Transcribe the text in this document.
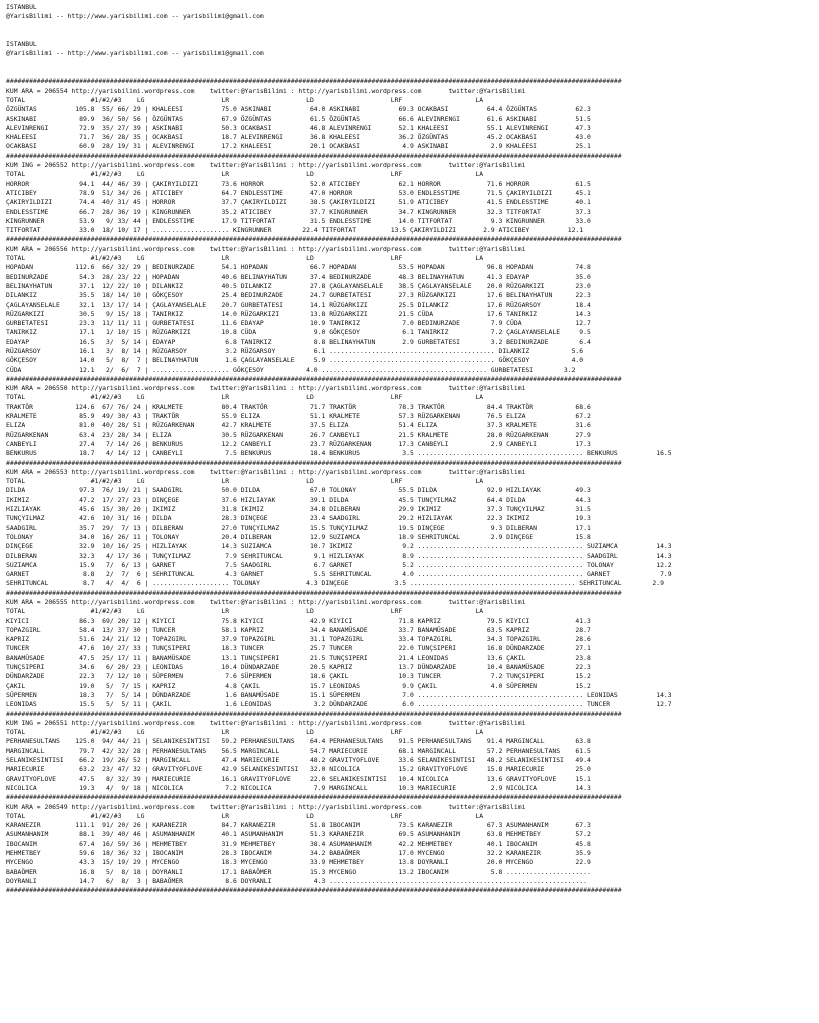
ISTANBUL
@YarisBilimi -- http://www.yarisbilimi.com -- yarisbilimi@gmail.com
ISTANBUL
@YarisBilimi -- http://www.yarisbilimi.com -- yarisbilimi@gmail.com
################################################################################################################################################################
KUM ARA = 206554 http://yarisbilimi.wordpress.com    twitter:@YarisBilimi : http://yarisbilimi.wordpress.com       twitter:@YarisBilimi
TOTAL                 #1/#2/#3    LG                    LR                    LD                    LRF                   LA
ÖZGÜNTAS          105.8  55/ 66/ 29 | KHALEESI          75.0 ASKINABI          64.0 ASKINABI          69.3 OCAKBASI          64.4 ÖZGÜNTAS          62.3
ASKINABI           89.9  36/ 50/ 56 | ÖZGÜNTAS          67.9 ÖZGÜNTAS          61.5 ÖZGÜNTAS          66.6 ALEVINRENGI       61.6 ASKINABI          51.5
ALEVINRENGI        72.9  35/ 27/ 39 | ASKINABI          50.3 OCAKBASI          46.8 ALEVINRENGI       52.1 KHALEESI          55.1 ALEVINRENGI       47.3
KHALEESI           71.7  36/ 28/ 35 | OCAKBASI          18.7 ALEVINRENGI       36.8 KHALEESI          36.2 ÖZGÜNTAS          45.2 OCAKBASI          43.0
OCAKBASI           60.9  28/ 19/ 31 | ALEVINRENGI       17.2 KHALEESI          20.1 OCAKBASI           4.9 ASKINABI           2.9 KHALEESI          25.1
################################################################################################################################################################
KUM ING = 206552 http://yarisbilimi.wordpress.com    twitter:@YarisBilimi : http://yarisbilimi.wordpress.com       twitter:@YarisBilimi
TOTAL                 #1/#2/#3    LG                    LR                    LD                    LRF                   LA
HORROR             94.1  44/ 46/ 39 | ÇAKIRYILDIZI      73.6 HORROR            52.0 ATICIBEY          62.1 HORROR            71.6 HORROR            61.5
ATICIBEY           78.9  51/ 34/ 26 | ATICIBEY          64.7 ENDLESSTIME       47.0 HORROR            53.0 ENDLESSTIME       71.5 ÇAKIRYILDIZI      45.1
ÇAKIRYILDIZI       74.4  40/ 31/ 45 | HORROR            37.7 ÇAKIRYILDIZI      38.5 ÇAKIRYILDIZI      51.9 ATICIBEY          41.5 ENDLESSTIME       40.1
ENDLESSTIME        66.7  28/ 36/ 19 | KINGRUNNER        35.2 ATICIBEY          37.7 KINGRUNNER        34.7 KINGRUNNER        32.3 TITFORTAT         37.3
KINGRUNNER         53.9   9/ 33/ 44 | ENDLESSTIME       17.9 TITFORTAT         31.5 ENDLESSTIME       14.0 TITFORTAT          9.3 KINGRUNNER        33.0
TITFORTAT          33.0  18/ 10/ 17 | .................... KINGRUNNER        22.4 TITFORTAT         13.5 ÇAKIRYILDIZI       2.9 ATICIBEY          12.1
################################################################################################################################################################
KUM ARA = 206556 http://yarisbilimi.wordpress.com    twitter:@YarisBilimi : http://yarisbilimi.wordpress.com       twitter:@YarisBilimi
TOTAL                 #1/#2/#3    LG                    LR                    LD                    LRF                   LA
HOPADAN           112.6  66/ 32/ 29 | BEDINURZADE       54.1 HOPADAN           66.7 HOPADAN           53.5 HOPADAN           96.8 HOPADAN           74.8
BEDINURZADE        54.3  28/ 23/ 22 | HOPADAN           40.6 BELINAYHATUN      37.4 BEDINURZADE       48.3 BELINAYHATUN      41.3 EDAYAP            35.0
BELINAYHATUN       37.1  12/ 22/ 10 | DILANKIZ          40.5 DILANKIZ          27.8 ÇAGLAYANSELALE    38.5 ÇAGLAYANSELALE    20.0 RÜZGARKIZI        23.0
DILANKIZ           35.5  18/ 14/ 10 | GÖKÇESOY          25.4 BEDINURZADE       24.7 GURBETATESI       27.3 RÜZGARKIZI        17.6 BELINAYHATUN      22.3
ÇAGLAYANSELALE     32.1  13/ 17/ 14 | ÇAGLAYANSELALE    20.7 GURBETATESI       14.1 RÜZGARKIZI        25.5 DILANKIZ          17.6 RÜZGARSOY         18.4
RÜZGARKIZI         30.5   9/ 15/ 18 | TANIRKIZ          14.0 RÜZGARKIZI        13.8 RÜZGARKIZI        21.5 CÜDA              17.6 TANIRKIZ          14.3
GURBETATESI        23.3  11/ 11/ 11 | GURBETATESI       11.6 EDAYAP            10.9 TANIRKIZ           7.0 BEDINURZADE        7.9 CÜDA              12.7
TANIRKIZ           17.1   1/ 10/ 15 | RÜZGARKIZI        10.8 CÜDA               9.0 GÖKÇESOY           6.1 TANIRKIZ           7.2 ÇAGLAYANSELALE     9.5
EDAYAP             16.5   3/  5/ 14 | EDAYAP             6.8 TANIRKIZ           8.8 BELINAYHATUN       2.9 GURBETATESI        3.2 BEDINURZADE        6.4
RÜZGARSOY          16.1   3/  8/ 14 | RÜZGARSOY          3.2 RÜZGARSOY          6.1 ........................................... DILANKIZ           5.6
GÖKÇESOY           14.0   5/  8/  7 | BELINAYHATUN       1.6 ÇAGLAYANSELALE     5.9 ........................................... GÖKÇESOY           4.0
CÜDA               12.1   2/  6/  7 | .................... GÖKÇESOY           4.0 ........................................... GURBETATESI        3.2
################################################################################################################################################################
KUM ARA = 206550 http://yarisbilimi.wordpress.com    twitter:@YarisBilimi : http://yarisbilimi.wordpress.com       twitter:@YarisBilimi
TOTAL                 #1/#2/#3    LG                    LR                    LD                    LRF                   LA
TRAKTÖR           124.6  67/ 76/ 24 | KRALMETE          80.4 TRAKTÖR           71.7 TRAKTÖR           78.3 TRAKTÖR           84.4 TRAKTÖR           68.6
KRALMETE           85.9  49/ 30/ 43 | TRAKTÖR           55.9 ELIZA             51.1 KRALMETE          57.3 RÜZGARKENAN       76.5 ELIZA             67.2
ELIZA              81.0  40/ 28/ 51 | RÜZGARKENAN       42.7 KRALMETE          37.5 ELIZA             51.4 ELIZA             37.3 KRALMETE          31.6
RÜZGARKENAN        63.4  23/ 28/ 34 | ELIZA             30.5 RÜZGARKENAN       26.7 CANBEYLI          21.5 KRALMETE          28.0 RÜZGARKENAN       27.9
CANBEYLI           27.4   7/ 14/ 26 | BENKURUS          12.2 CANBEYLI          23.7 RÜZGARKENAN       17.3 CANBEYLI           2.9 CANBEYLI          17.3
BENKURUS           18.7   4/ 14/ 12 | CANBEYLI           7.5 BENKURUS          18.4 BENKURUS           3.5 ........................................... BENKURUS          16.5
################################################################################################################################################################
KUM ARA = 206553 http://yarisbilimi.wordpress.com    twitter:@YarisBilimi : http://yarisbilimi.wordpress.com       twitter:@YarisBilimi
TOTAL                 #1/#2/#3    LG                    LR                    LD                    LRF                   LA
DILDA              97.3  76/ 19/ 21 | SAADGIRL          50.0 DILDA             67.0 TOLONAY           55.5 DILDA             92.9 HIZLIAYAK         49.3
IKIMIZ             47.2  17/ 27/ 23 | DINÇEGE           37.6 HIZLIAYAK         39.1 DILDA             45.5 TUNÇYILMAZ        64.4 DILDA             44.3
HIZLIAYAK          45.6  15/ 30/ 20 | IKIMIZ            31.8 IKIMIZ            34.8 DILBERAN          29.9 IKIMIZ            37.3 TUNÇYILMAZ        31.5
TUNÇYILMAZ         42.6  10/ 31/ 16 | DILDA             28.3 DINÇEGE           23.4 SAADGIRL          29.2 HIZLIAYAK         22.3 IKIMIZ            19.3
SAADGIRL           35.7  29/  7/ 13 | DILBERAN          27.0 TUNÇYILMAZ        15.5 TUNÇYILMAZ        19.5 DINÇEGE            9.3 DILBERAN          17.1
TOLONAY            34.0  16/ 26/ 11 | TOLONAY           20.4 DILBERAN          12.9 SUZIAMCA          18.9 SEHRITUNCAL        2.9 DINÇEGE           15.8
DINÇEGE            32.9  10/ 16/ 25 | HIZLIAYAK         14.3 SUZIAMCA          10.7 IKIMIZ             9.2 ........................................... SUZIAMCA          14.3
DILBERAN           32.3   4/ 17/ 36 | TUNÇYILMAZ         7.9 SEHRITUNCAL        9.1 HIZLIAYAK          8.9 ........................................... SAADGIRL          14.3
SUZIAMCA           15.9   7/  6/ 13 | GARNET             7.5 SAADGIRL           6.7 GARNET             5.2 ........................................... TOLONAY           12.2
GARNET              8.8   2/  7/  6 | SEHRITUNCAL        4.3 GARNET             5.5 SEHRITUNCAL        4.0 ........................................... GARNET             7.9
SEHRITUNCAL         8.7   4/  4/  6 | .................... TOLONAY            4.3 DINÇEGE            3.5 ........................................... SEHRITUNCAL        2.9
################################################################################################################################################################
KUM ARA = 206555 http://yarisbilimi.wordpress.com    twitter:@YarisBilimi : http://yarisbilimi.wordpress.com       twitter:@YarisBilimi
TOTAL                 #1/#2/#3    LG                    LR                    LD                    LRF                   LA
KIYICI             86.3  69/ 20/ 12 | KIYICI            75.8 KIYICI            42.9 KIYICI            71.8 KAPRIZ            79.5 KIYICI            41.3
TOPAZGIRL          58.4  13/ 37/ 30 | TUNCER            58.1 KAPRIZ            34.4 BANAMÜSADE        33.7 BANAMÜSADE        63.5 KAPRIZ            28.7
KAPRIZ             51.6  24/ 21/ 12 | TOPAZGIRL         37.9 TOPAZGIRL         31.1 TOPAZGIRL         33.4 TOPAZGIRL         34.3 TOPAZGIRL         28.6
TUNCER             47.6  10/ 27/ 33 | TUNÇSIPERI        18.3 TUNCER            25.7 TUNCER            22.0 TUNÇSIPERI        16.8 DÜNDARZADE        27.1
BANAMÜSADE         47.5  25/ 17/ 11 | BANAMÜSADE        13.1 TUNÇSIPERI        21.5 TUNÇSIPERI        21.4 LEONIDAS          13.6 ÇAKIL             23.8
TUNÇSIPERI         34.6   6/ 20/ 23 | LEONIDAS          10.4 DÜNDARZADE        20.5 KAPRIZ            13.7 DÜNDARZADE        10.4 BANAMÜSADE        22.3
DÜNDARZADE         22.3   7/ 12/ 10 | SÜPERMEN           7.6 SÜPERMEN          18.6 ÇAKIL             10.3 TUNCER             7.2 TUNÇSIPERI        15.2
ÇAKIL              19.0   5/  7/ 15 | KAPRIZ             4.8 ÇAKIL             15.7 LEONIDAS           9.9 ÇAKIL              4.0 SÜPERMEN          15.2
SÜPERMEN           18.3   7/  5/ 14 | DÜNDARZADE         1.6 BANAMÜSADE        15.1 SÜPERMEN           7.0 ........................................... LEONIDAS          14.3
LEONIDAS           15.5   5/  5/ 11 | ÇAKIL              1.6 LEONIDAS           3.2 DÜNDARZADE         6.0 ........................................... TUNCER            12.7
################################################################################################################################################################
KUM ING = 206551 http://yarisbilimi.wordpress.com    twitter:@YarisBilimi : http://yarisbilimi.wordpress.com       twitter:@YarisBilimi
TOTAL                 #1/#2/#3    LG                    LR                    LD                    LRF                   LA
PERHANESULTANS    125.0  94/ 44/ 21 | SELANIKESINTISI   59.2 PERHANESULTANS    64.4 PERHANESULTANS    91.5 PERHANESULTANS    91.4 MARGINCALL        63.8
MARGINCALL         79.7  42/ 32/ 28 | PERHANESULTANS    56.5 MARGINCALL        54.7 MARIECURIE        68.1 MARGINCALL        57.2 PERHANESULTANS    61.5
SELANIKESINTISI    66.2  19/ 26/ 52 | MARGINCALL        47.4 MARIECURIE        48.2 GRAVITYOFLOVE     33.6 SELANIKESINTISI   48.2 SELANIKESINTISI   49.4
MARIECURIE         63.2  23/ 47/ 32 | GRAVITYOFLOVE     42.9 SELANIKESINTISI   32.0 NICOLICA          15.2 GRAVITYOFLOVE     15.8 MARIECURIE        25.0
GRAVITYOFLOVE      47.5   8/ 32/ 39 | MARIECURIE        16.1 GRAVITYOFLOVE     22.0 SELANIKESINTISI   10.4 NICOLICA          13.6 GRAVITYOFLOVE     15.1
NICOLICA           19.3   4/  9/ 18 | NICOLICA           7.2 NICOLICA           7.9 MARGINCALL        10.3 MARIECURIE         2.9 NICOLICA          14.3
################################################################################################################################################################
KUM ARA = 206549 http://yarisbilimi.wordpress.com    twitter:@YarisBilimi : http://yarisbilimi.wordpress.com       twitter:@YarisBilimi
TOTAL                 #1/#2/#3    LG                    LR                    LD                    LRF                   LA
KARANEZIR         111.1  91/ 20/ 26 | KARANEZIR         84.7 KARANEZIR         51.8 IBOCANIM          73.5 KARANEZIR         67.3 ASUMANHANIM       67.3
ASUMANHANIM        88.1  39/ 40/ 46 | ASUMANHANIM       40.1 ASUMANHANIM       51.3 KARANEZIR         69.5 ASUMANHANIM       63.8 MEHMETBEY         57.2
IBOCANIM           67.4  16/ 59/ 36 | MEHMETBEY         31.9 MEHMETBEY         38.4 ASUMANHANIM       42.2 MEHMETBEY         40.1 IBOCANIM          45.8
MEHMETBEY          59.6  18/ 36/ 32 | IBOCANIM          28.3 IBOCANIM          34.2 BABAÖMER          17.0 MYCENGO           32.2 KARANEZIR         35.9
MYCENGO            43.3  15/ 19/ 29 | MYCENGO           18.3 MYCENGO           33.9 MEHMETBEY         13.8 DOYRANLI          20.0 MYCENGO           22.9
BABAÖMER           16.8   5/  8/ 18 | DOYRANLI          17.1 BABAÖMER          15.3 MYCENGO           13.2 IBOCANIM           5.8 ......................
DOYRANLI           14.7   6/  8/  3 | BABAÖMER           8.6 DOYRANLI           4.3 ...................................................................
################################################################################################################################################################
